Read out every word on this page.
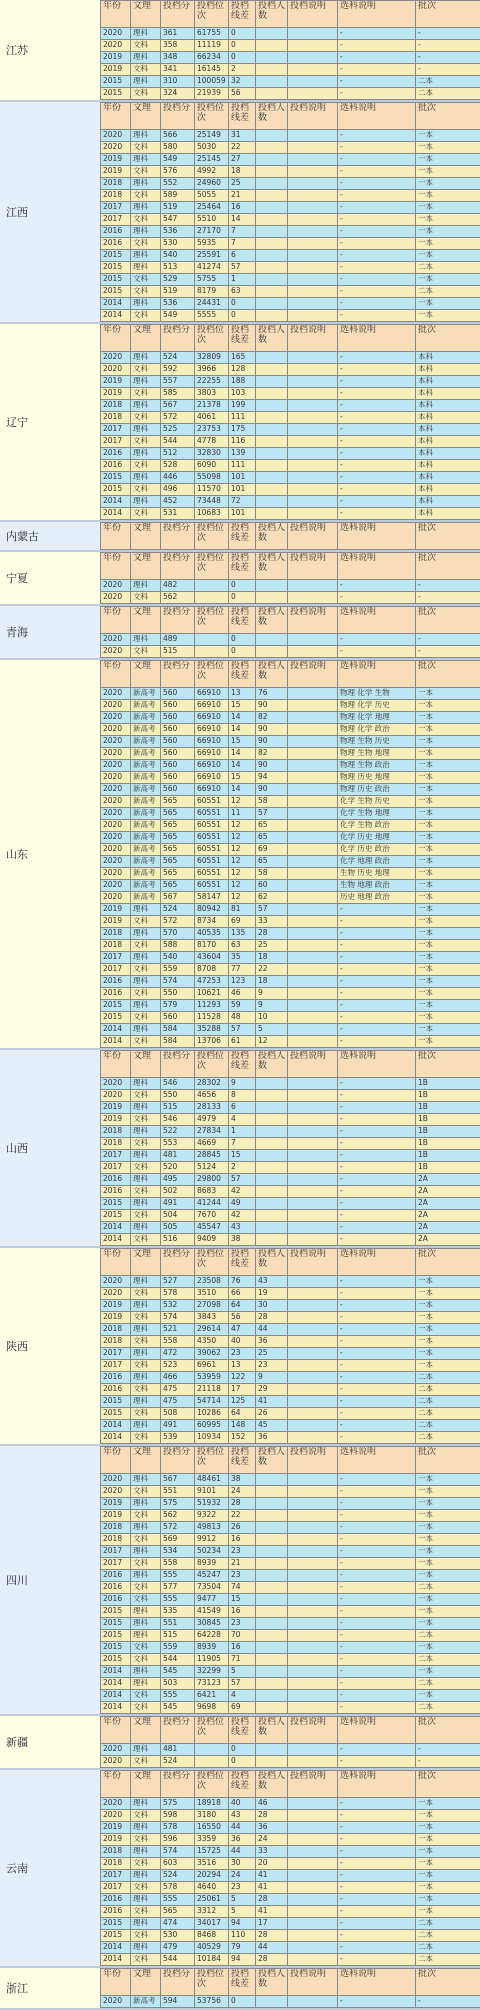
江苏
年份	文理	投档分	投档位次	投档线差	投档人数	投档说明	选科说明	批次
2020	理科	361	61755	0			-	-
2020	文科	358	11119	0			-	-
2019	理科	348	66234	0			-	-
2019	文科	341	16145	2			-	-
2015	理科	310	100059	32			-	二本
2015	文科	324	21939	56			-	二本
江西
年份	文理	投档分	投档位次	投档线差	投档人数	投档说明	选科说明	批次
2020	理科	566	25149	31			-	一本
2020	文科	580	5030	22			-	一本
2019	理科	549	25145	27			-	一本
2019	文科	576	4992	18			-	一本
2018	理科	552	24960	25			-	一本
2018	文科	589	5055	21			-	一本
2017	理科	519	25464	16			-	一本
2017	文科	547	5510	14			-	一本
2016	理科	536	27170	7			-	一本
2016	文科	530	5935	7			-	一本
2015	理科	540	25591	6			-	一本
2015	理科	513	41274	57			-	二本
2015	文科	529	5755	1			-	一本
2015	文科	519	8179	63			-	二本
2014	理科	536	24431	0			-	一本
2014	文科	549	5555	0			-	一本
辽宁
年份	文理	投档分	投档位次	投档线差	投档人数	投档说明	选科说明	批次
2020	理科	524	32809	165			-	本科
2020	文科	592	3966	128			-	本科
2019	理科	557	22255	188			-	本科
2019	文科	585	3803	103			-	本科
2018	理科	567	21378	199			-	本科
2018	文科	572	4061	111			-	本科
2017	理科	525	23753	175			-	本科
2017	文科	544	4778	116			-	本科
2016	理科	512	32830	139			-	本科
2016	文科	528	6090	111			-	本科
2015	理科	446	55098	101			-	本科
2015	文科	496	11570	101			-	本科
2014	理科	452	73448	72			-	本科
2014	文科	531	10683	101			-	本科
内蒙古
年份	文理	投档分	投档位次	投档线差	投档人数	投档说明	选科说明	批次
宁夏
年份	文理	投档分	投档位次	投档线差	投档人数	投档说明	选科说明	批次
2020	理科	482		0			-	-
2020	文科	562		0			-	-
青海
年份	文理	投档分	投档位次	投档线差	投档人数	投档说明	选科说明	批次
2020	理科	489		0			-	-
2020	文科	515		0			-	-
山东
年份	文理	投档分	投档位次	投档线差	投档人数	投档说明	选科说明	批次
2020	新高考	560	66910	13	76		物理 化学 生物	一本
2020	新高考	560	66910	15	90		物理 化学 历史	一本
2020	新高考	560	66910	14	82		物理 化学 地理	一本
2020	新高考	560	66910	14	90		物理 化学 政治	一本
2020	新高考	560	66910	15	90		物理 生物 历史	一本
2020	新高考	560	66910	14	82		物理 生物 地理	一本
2020	新高考	560	66910	14	90		物理 生物 政治	一本
2020	新高考	560	66910	15	94		物理 历史 地理	一本
2020	新高考	560	66910	14	90		物理 历史 政治	一本
2020	新高考	565	60551	12	58		化学 生物 历史	一本
2020	新高考	565	60551	11	57		化学 生物 地理	一本
2020	新高考	565	60551	12	65		化学 生物 政治	一本
2020	新高考	565	60551	12	65		化学 历史 地理	一本
2020	新高考	565	60551	12	69		化学 历史 政治	一本
2020	新高考	565	60551	12	65		化学 地理 政治	一本
2020	新高考	565	60551	12	58		生物 历史 地理	一本
2020	新高考	565	60551	12	60		生物 地理 政治	一本
2020	新高考	567	58147	12	62		历史 地理 政治	一本
2019	理科	524	80942	81	57		-	一本
2019	文科	572	8734	69	33		-	一本
2018	理科	570	40535	135	28		-	一本
2018	文科	588	8170	63	25		-	一本
2017	理科	540	43604	35	18		-	一本
2017	文科	559	8708	77	22		-	一本
2016	理科	574	47253	123	18		-	一本
2016	文科	550	10621	46	9		-	一本
2015	理科	579	11293	59	9		-	一本
2015	文科	560	11528	48	10		-	一本
2014	理科	584	35288	57	5		-	一本
2014	文科	584	13706	61	12		-	一本
山西
年份	文理	投档分	投档位次	投档线差	投档人数	投档说明	选科说明	批次
2020	理科	546	28302	9			-	1B
2020	文科	550	4656	8			-	1B
2019	理科	515	28133	6			-	1B
2019	文科	546	4979	4			-	1B
2018	理科	522	27834	1			-	1B
2018	文科	553	4669	7			-	1B
2017	理科	481	28845	15			-	1B
2017	文科	520	5124	2			-	1B
2016	理科	495	29800	57			-	2A
2016	文科	502	8683	42			-	2A
2015	理科	491	41244	49			-	2A
2015	文科	504	7670	42			-	2A
2014	理科	505	45547	43			-	2A
2014	文科	516	9409	38			-	2A
陕西
年份	文理	投档分	投档位次	投档线差	投档人数	投档说明	选科说明	批次
2020	理科	527	23508	76	43		-	一本
2020	文科	578	3510	66	19		-	一本
2019	理科	532	27098	64	30		-	一本
2019	文科	574	3843	56	28		-	一本
2018	理科	521	29614	47	44		-	一本
2018	文科	558	4350	40	36		-	一本
2017	理科	472	39062	23	25		-	一本
2017	文科	523	6961	13	23		-	一本
2016	理科	466	53959	122	9		-	二本
2016	文科	475	21118	17	29		-	二本
2015	理科	475	54714	125	41		-	二本
2015	文科	508	10286	64	26		-	二本
2014	理科	491	60995	148	45		-	二本
2014	文科	539	10934	152	36		-	二本
四川
年份	文理	投档分	投档位次	投档线差	投档人数	投档说明	选科说明	批次
2020	理科	567	48461	38			-	一本
2020	文科	551	9101	24			-	一本
2019	理科	575	51932	28			-	一本
2019	文科	562	9322	22			-	一本
2018	理科	572	49813	26			-	一本
2018	文科	569	9912	16			-	一本
2017	理科	534	50234	23			-	一本
2017	文科	558	8939	21			-	一本
2016	理科	555	45247	23			-	一本
2016	文科	577	73504	74			-	二本
2016	文科	555	9477	15			-	一本
2015	理科	535	41549	16			-	一本
2015	理科	551	30845	23			-	一本
2015	理科	515	64228	70			-	二本
2015	文科	559	8939	16			-	一本
2015	文科	544	11905	71			-	二本
2014	理科	545	32299	5			-	一本
2014	理科	503	73123	57			-	二本
2014	文科	555	6421	4			-	一本
2014	文科	545	9698	69			-	二本
新疆
年份	文理	投档分	投档位次	投档线差	投档人数	投档说明	选科说明	批次
2020	理科	481		0			-	-
2020	文科	524		0			-	-
云南
年份	文理	投档分	投档位次	投档线差	投档人数	投档说明	选科说明	批次
2020	理科	575	18918	40	46		-	一本
2020	文科	598	3180	43	28		-	一本
2019	理科	578	16550	44	36		-	一本
2019	文科	596	3359	36	24		-	一本
2018	理科	574	15725	44	33		-	一本
2018	文科	603	3516	30	20		-	一本
2017	理科	524	20294	24	41		-	一本
2017	文科	578	4640	23	41		-	一本
2016	理科	555	25061	5	28		-	一本
2016	文科	565	3312	5	41		-	一本
2015	理科	474	34017	94	17		-	二本
2015	文科	530	8468	110	28		-	二本
2014	理科	479	40529	79	44		-	二本
2014	文科	544	10184	94	28		-	二本
浙江
年份	文理	投档分	投档位次	投档线差	投档人数	投档说明	选科说明	批次
2020	新高考	594	53756	0			-	-
